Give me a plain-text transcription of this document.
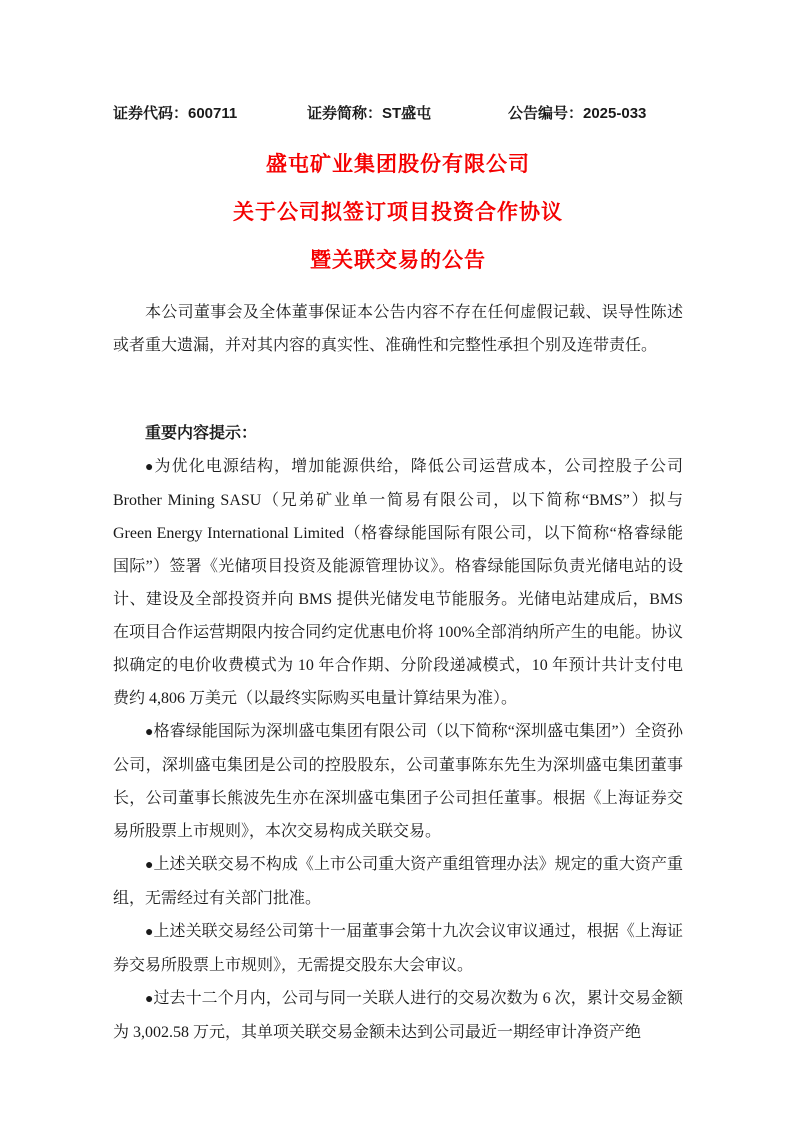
证券代码：600711	证券简称：ST盛屯	公告编号：2025-033
盛屯矿业集团股份有限公司
关于公司拟签订项目投资合作协议
暨关联交易的公告

本公司董事会及全体董事保证本公告内容不存在任何虚假记载、误导性陈述或者重大遗漏，并对其内容的真实性、准确性和完整性承担个别及连带责任。

重要内容提示：

●为优化电源结构，增加能源供给，降低公司运营成本，公司控股子公司 Brother Mining SASU（兄弟矿业单一简易有限公司，以下简称“BMS”）拟与 Green Energy International Limited（格睿绿能国际有限公司，以下简称“格睿绿能国际”）签署《光储项目投资及能源管理协议》。格睿绿能国际负责光储电站的设计、建设及全部投资并向 BMS 提供光储发电节能服务。光储电站建成后，BMS 在项目合作运营期限内按合同约定优惠电价将 100%全部消纳所产生的电能。协议拟确定的电价收费模式为 10 年合作期、分阶段递减模式，10 年预计共计支付电费约 4,806 万美元（以最终实际购买电量计算结果为准）。

●格睿绿能国际为深圳盛屯集团有限公司（以下简称“深圳盛屯集团”）全资孙公司，深圳盛屯集团是公司的控股股东，公司董事陈东先生为深圳盛屯集团董事长，公司董事长熊波先生亦在深圳盛屯集团子公司担任董事。根据《上海证券交易所股票上市规则》，本次交易构成关联交易。

●上述关联交易不构成《上市公司重大资产重组管理办法》规定的重大资产重组，无需经过有关部门批准。

●上述关联交易经公司第十一届董事会第十九次会议审议通过，根据《上海证券交易所股票上市规则》，无需提交股东大会审议。

●过去十二个月内，公司与同一关联人进行的交易次数为 6 次，累计交易金额为 3,002.58 万元，其单项关联交易金额未达到公司最近一期经审计净资产绝
